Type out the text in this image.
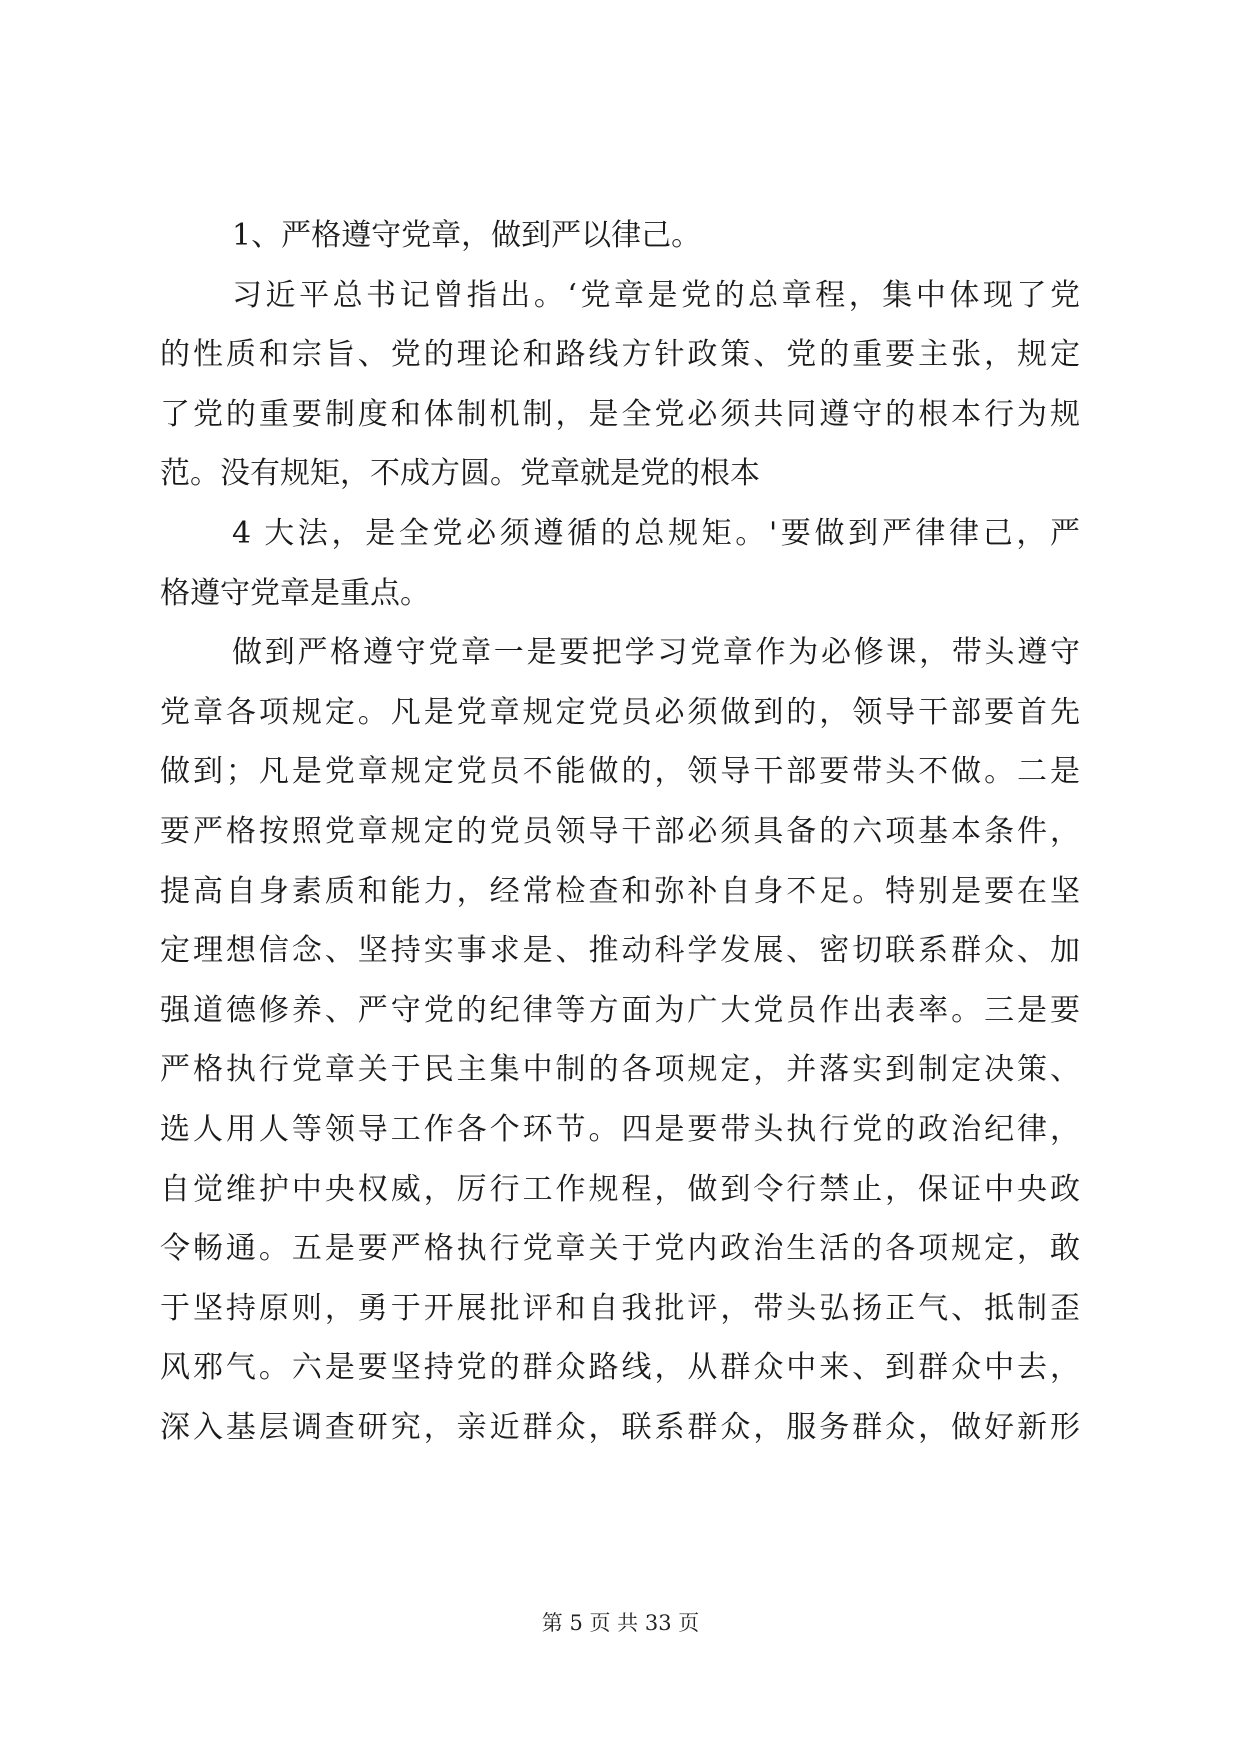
1、严格遵守党章，做到严以律己。
习近平总书记曾指出。‘党章是党的总章程，集中体现了党
的性质和宗旨、党的理论和路线方针政策、党的重要主张，规定
了党的重要制度和体制机制，是全党必须共同遵守的根本行为规
范。没有规矩，不成方圆。党章就是党的根本
4 大法，是全党必须遵循的总规矩。'要做到严律律己，严
格遵守党章是重点。
做到严格遵守党章一是要把学习党章作为必修课，带头遵守
党章各项规定。凡是党章规定党员必须做到的，领导干部要首先
做到；凡是党章规定党员不能做的，领导干部要带头不做。二是
要严格按照党章规定的党员领导干部必须具备的六项基本条件，
提高自身素质和能力，经常检查和弥补自身不足。特别是要在坚
定理想信念、坚持实事求是、推动科学发展、密切联系群众、加
强道德修养、严守党的纪律等方面为广大党员作出表率。三是要
严格执行党章关于民主集中制的各项规定，并落实到制定决策、
选人用人等领导工作各个环节。四是要带头执行党的政治纪律，
自觉维护中央权威，厉行工作规程，做到令行禁止，保证中央政
令畅通。五是要严格执行党章关于党内政治生活的各项规定，敢
于坚持原则，勇于开展批评和自我批评，带头弘扬正气、抵制歪
风邪气。六是要坚持党的群众路线，从群众中来、到群众中去，
深入基层调查研究，亲近群众，联系群众，服务群众，做好新形
第 5 页 共 33 页
